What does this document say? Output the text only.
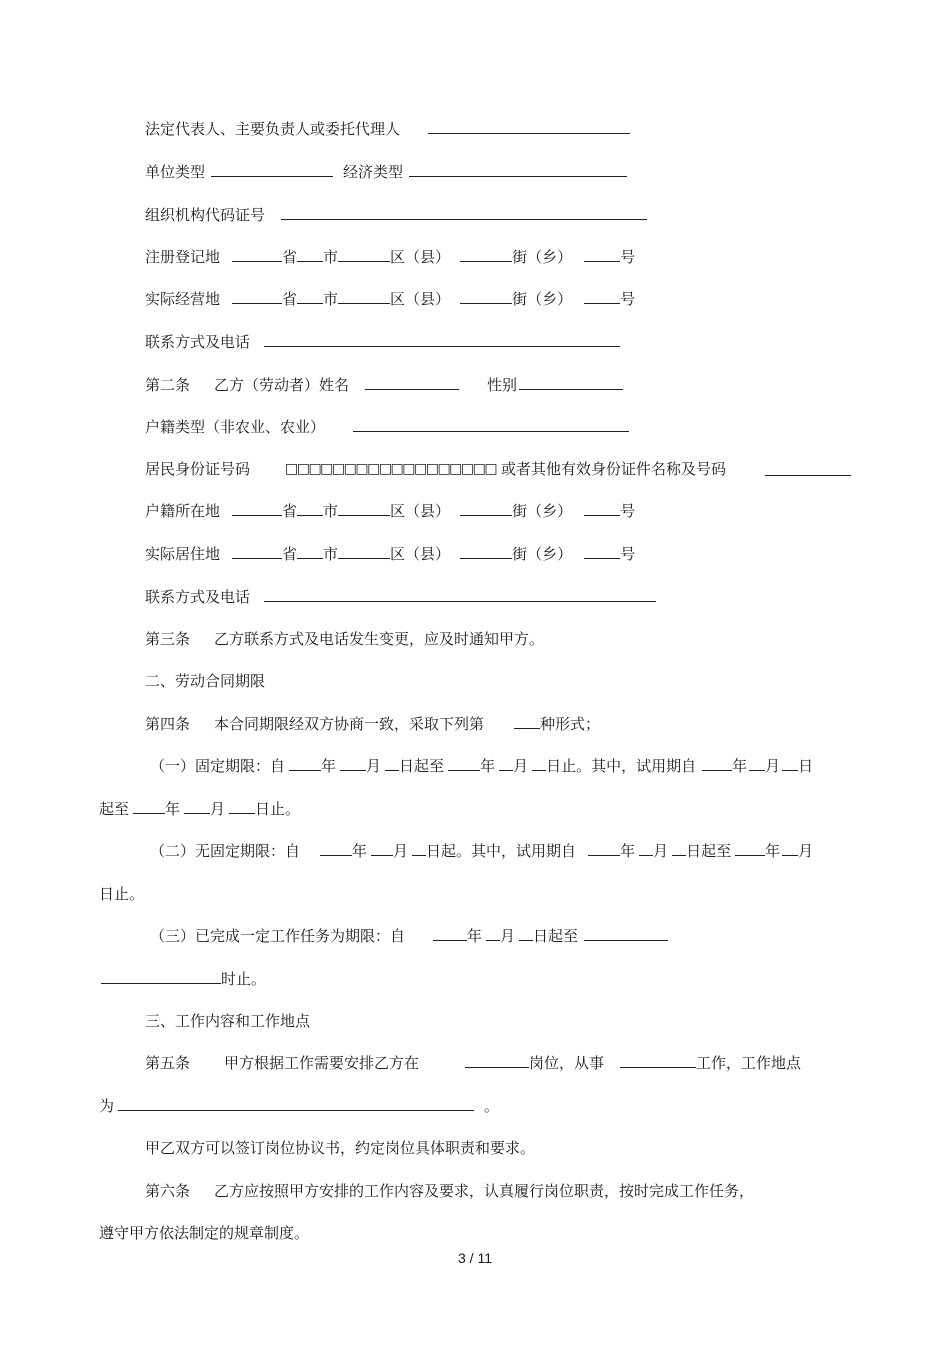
法定代表人、主要负责人或委托代理人
单位类型	经济类型
组织机构代码证号
注册登记地	省 市	区（县）	街（乡）	号
实际经营地	省 市	区（县）	街（乡）	号
联系方式及电话
第二条 乙方（劳动者）姓名	性别
户籍类型（非农业、农业）
居民身份证号码 □□□□□□□□□□□□□□□□□□ 或者其他有效身份证件名称及号码
户籍所在地	省 市	区（县）	街（乡）	号
实际居住地	省 市	区（县）	街（乡）	号
联系方式及电话
第三条 乙方联系方式及电话发生变更，应及时通知甲方。
二、劳动合同期限
第四条 本合同期限经双方协商一致，采取下列第	种形式；
（一）固定期限：自 年 月 日起至 年 月 日止。其中，试用期自 年 月 日
起至 年 月 日止。
（二）无固定期限：自	年 月 日起。其中，试用期自	年 月 日起至 年 月
日止。
（三）已完成一定工作任务为期限：自	年 月 日起至
时止。
三、工作内容和工作地点
第五条 甲方根据工作需要安排乙方在	岗位，从事	工作，工作地点
为	。
甲乙双方可以签订岗位协议书，约定岗位具体职责和要求。
第六条 乙方应按照甲方安排的工作内容及要求，认真履行岗位职责，按时完成工作任务，
遵守甲方依法制定的规章制度。
3 / 11
